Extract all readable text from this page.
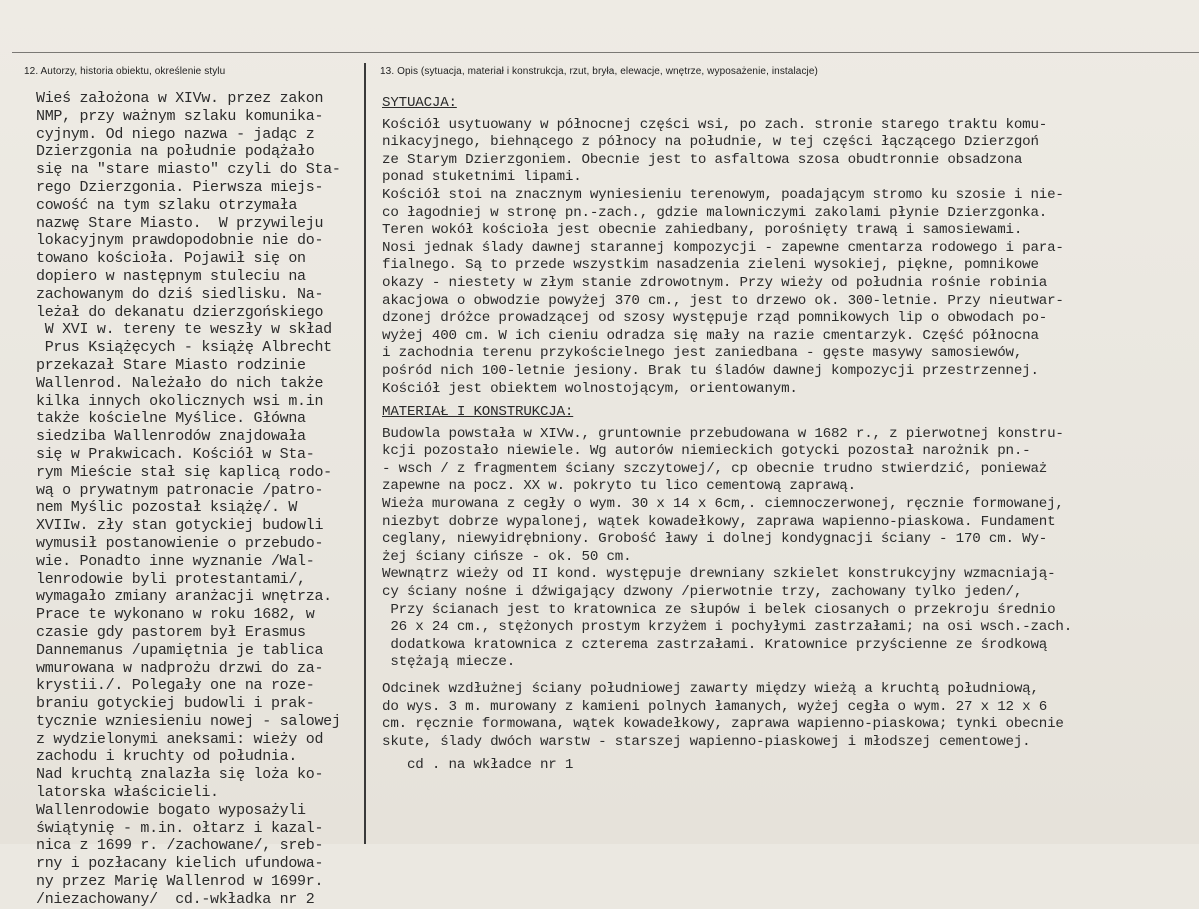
12. Autorzy, historia obiektu, określenie stylu	13. Opis (sytuacja, materiał i konstrukcja, rzut, bryła, elewacje, wnętrze, wyposażenie, instalacje)
Wieś założona w XIVw. przez zakon
NMP, przy ważnym szlaku komunika-
cyjnym. Od niego nazwa - jadąc z
Dzierzgonia na południe podążało
się na "stare miasto" czyli do Sta-
rego Dzierzgonia. Pierwsza miejs-
cowość na tym szlaku otrzymała
nazwę Stare Miasto.  W przywileju
lokacyjnym prawdopodobnie nie do-
towano kościoła. Pojawił się on
dopiero w następnym stuleciu na
zachowanym do dziś siedlisku. Na-
leżał do dekanatu dzierzgońskiego
W XVI w. tereny te weszły w skład
Prus Książęcych - książę Albrecht
przekazał Stare Miasto rodzinie
Wallenrod. Należało do nich także
kilka innych okolicznych wsi m.in
także kościelne Myślice. Główna
siedziba Wallenrodów znajdowała
się w Prakwicach. Kościół w Sta-
rym Mieście stał się kaplicą rodo-
wą o prywatnym patronacie /patro-
nem Myślic pozostał książę/. W
XVIIw. zły stan gotyckiej budowli
wymusił postanowienie o przebudo-
wie. Ponadto inne wyznanie /Wal-
lenrodowie byli protestantami/,
wymagało zmiany aranżacji wnętrza.
Prace te wykonano w roku 1682, w
czasie gdy pastorem był Erasmus
Dannemanus /upamiętnia je tablica
wmurowana w nadprożu drzwi do za-
krystii./. Polegały one na roze-
braniu gotyckiej budowli i prak-
tycznie wzniesieniu nowej - salowej
z wydzielonymi aneksami: wieży od
zachodu i kruchty od południa.
Nad kruchtą znalazła się loża ko-
latorska właścicieli.
Wallenrodowie bogato wyposażyli
świątynię - m.in. ołtarz i kazal-
nica z 1699 r. /zachowane/, sreb-
rny i pozłacany kielich ufundowa-
ny przez Marię Wallenrod w 1699r.
/niezachowany/  cd.-wkładka nr 2
SYTUACJA:
Kościół usytuowany w północnej części wsi, po zach. stronie starego traktu komu-
nikacyjnego, biehnącego z północy na południe, w tej części łączącego Dzierzgoń
ze Starym Dzierzgoniem. Obecnie jest to asfaltowa szosa obudtronnie obsadzona
ponad stuketnimi lipami.
Kościół stoi na znacznym wyniesieniu terenowym, poadającym stromo ku szosie i nie-
co łagodniej w stronę pn.-zach., gdzie malowniczymi zakolami płynie Dzierzgonka.
Teren wokół kościoła jest obecnie zahiedbany, porośnięty trawą i samosiewami.
Nosi jednak ślady dawnej starannej kompozycji - zapewne cmentarza rodowego i para-
fialnego. Są to przede wszystkim nasadzenia zieleni wysokiej, piękne, pomnikowe
okazy - niestety w złym stanie zdrowotnym. Przy wieży od południa rośnie robinia
akacjowa o obwodzie powyżej 370 cm., jest to drzewo ok. 300-letnie. Przy nieutwar-
dzonej dróżce prowadzącej od szosy występuje rząd pomnikowych lip o obwodach po-
wyżej 400 cm. W ich cieniu odradza się mały na razie cmentarzyk. Część północna
i zachodnia terenu przykościelnego jest zaniedbana - gęste masywy samosiewów,
pośród nich 100-letnie jesiony. Brak tu śladów dawnej kompozycji przestrzennej.
Kościół jest obiektem wolnostojącym, orientowanym.
MATERIAŁ I KONSTRUKCJA:
Budowla powstała w XIVw., gruntownie przebudowana w 1682 r., z pierwotnej konstru-
kcji pozostało niewiele. Wg autorów niemieckich gotycki pozostał narożnik pn.-
- wsch / z fragmentem ściany szczytowej/, cp obecnie trudno stwierdzić, ponieważ
zapewne na pocz. XX w. pokryto tu lico cementową zaprawą.
Wieża murowana z cegły o wym. 30 x 14 x 6cm,. ciemnoczerwonej, ręcznie formowanej,
niezbyt dobrze wypalonej, wątek kowadełkowy, zaprawa wapienno-piaskowa. Fundament
ceglany, niewyidrębniony. Grobość ławy i dolnej kondygnacji ściany - 170 cm. Wy-
żej ściany cińsze - ok. 50 cm.
Wewnątrz wieży od II kond. występuje drewniany szkielet konstrukcyjny wzmacniają-
cy ściany nośne i dźwigający dzwony /pierwotnie trzy, zachowany tylko jeden/,
Przy ścianach jest to kratownica ze słupów i belek ciosanych o przekroju średnio
26 x 24 cm., stężonych prostym krzyżem i pochyłymi zastrzałami; na osi wsch.-zach.
dodatkowa kratownica z czterema zastrzałami. Kratownice przyścienne ze środkową
stężają miecze.
Odcinek wzdłużnej ściany południowej zawarty między wieżą a kruchtą południową,
do wys. 3 m. murowany z kamieni polnych łamanych, wyżej cegła o wym. 27 x 12 x 6
cm. ręcznie formowana, wątek kowadełkowy, zaprawa wapienno-piaskowa; tynki obecnie
skute, ślady dwóch warstw - starszej wapienno-piaskowej i młodszej cementowej.
cd . na wkładce nr 1
